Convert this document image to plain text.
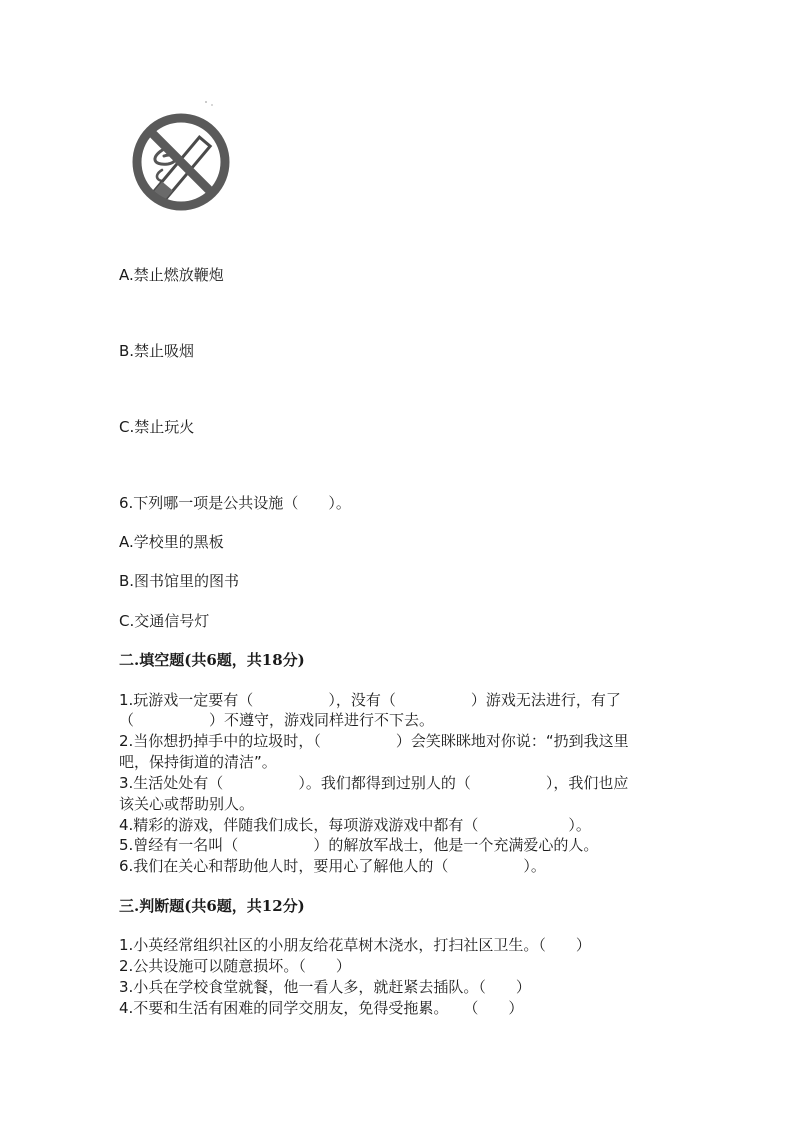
A.禁止燃放鞭炮
B.禁止吸烟
C.禁止玩火
6.下列哪一项是公共设施（　　）。
A.学校里的黑板
B.图书馆里的图书
C.交通信号灯
二.填空题(共6题，共18分)
1.玩游戏一定要有（　　　　　），没有（　　　　　）游戏无法进行，有了
（　　　　　）不遵守，游戏同样进行不下去。
2.当你想扔掉手中的垃圾时，（　　　　　）会笑眯眯地对你说：“扔到我这里
吧，保持街道的清洁”。
3.生活处处有（　　　　　）。我们都得到过别人的（　　　　　），我们也应
该关心或帮助别人。
4.精彩的游戏，伴随我们成长，每项游戏游戏中都有（　　　　　　）。
5.曾经有一名叫（　　　　　）的解放军战士，他是一个充满爱心的人。
6.我们在关心和帮助他人时，要用心了解他人的（　　　　　）。
三.判断题(共6题，共12分)
1.小英经常组织社区的小朋友给花草树木浇水，打扫社区卫生。（　　）
2.公共设施可以随意损坏。（　　）
3.小兵在学校食堂就餐，他一看人多，就赶紧去插队。（　　）
4.不要和生活有困难的同学交朋友，免得受拖累。　　（　　）
